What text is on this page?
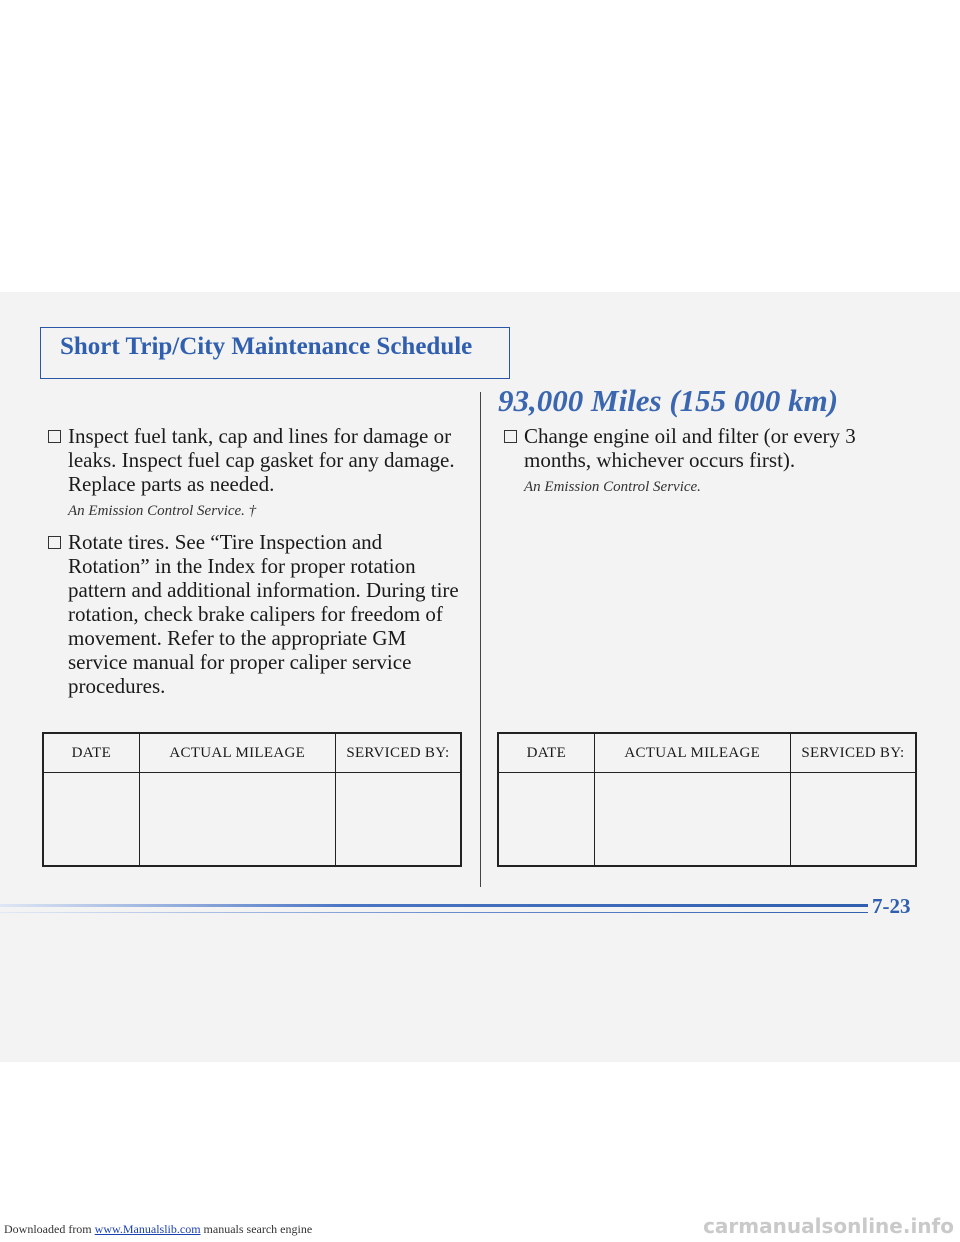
Short Trip/City Maintenance Schedule
93,000 Miles (155 000 km)
Inspect fuel tank, cap and lines for damage or leaks. Inspect fuel cap gasket for any damage. Replace parts as needed.
An Emission Control Service. †
Rotate tires. See “Tire Inspection and Rotation” in the Index for proper rotation pattern and additional information. During tire rotation, check brake calipers for freedom of movement. Refer to the appropriate GM service manual for proper caliper service procedures.
Change engine oil and filter (or every 3 months, whichever occurs first).
An Emission Control Service.
DATE	ACTUAL MILEAGE	SERVICED BY:
			DATE	ACTUAL MILEAGE	SERVICED BY:

7-23
Downloaded from www.Manualslib.com manuals search engine	carmanualsonline.info
